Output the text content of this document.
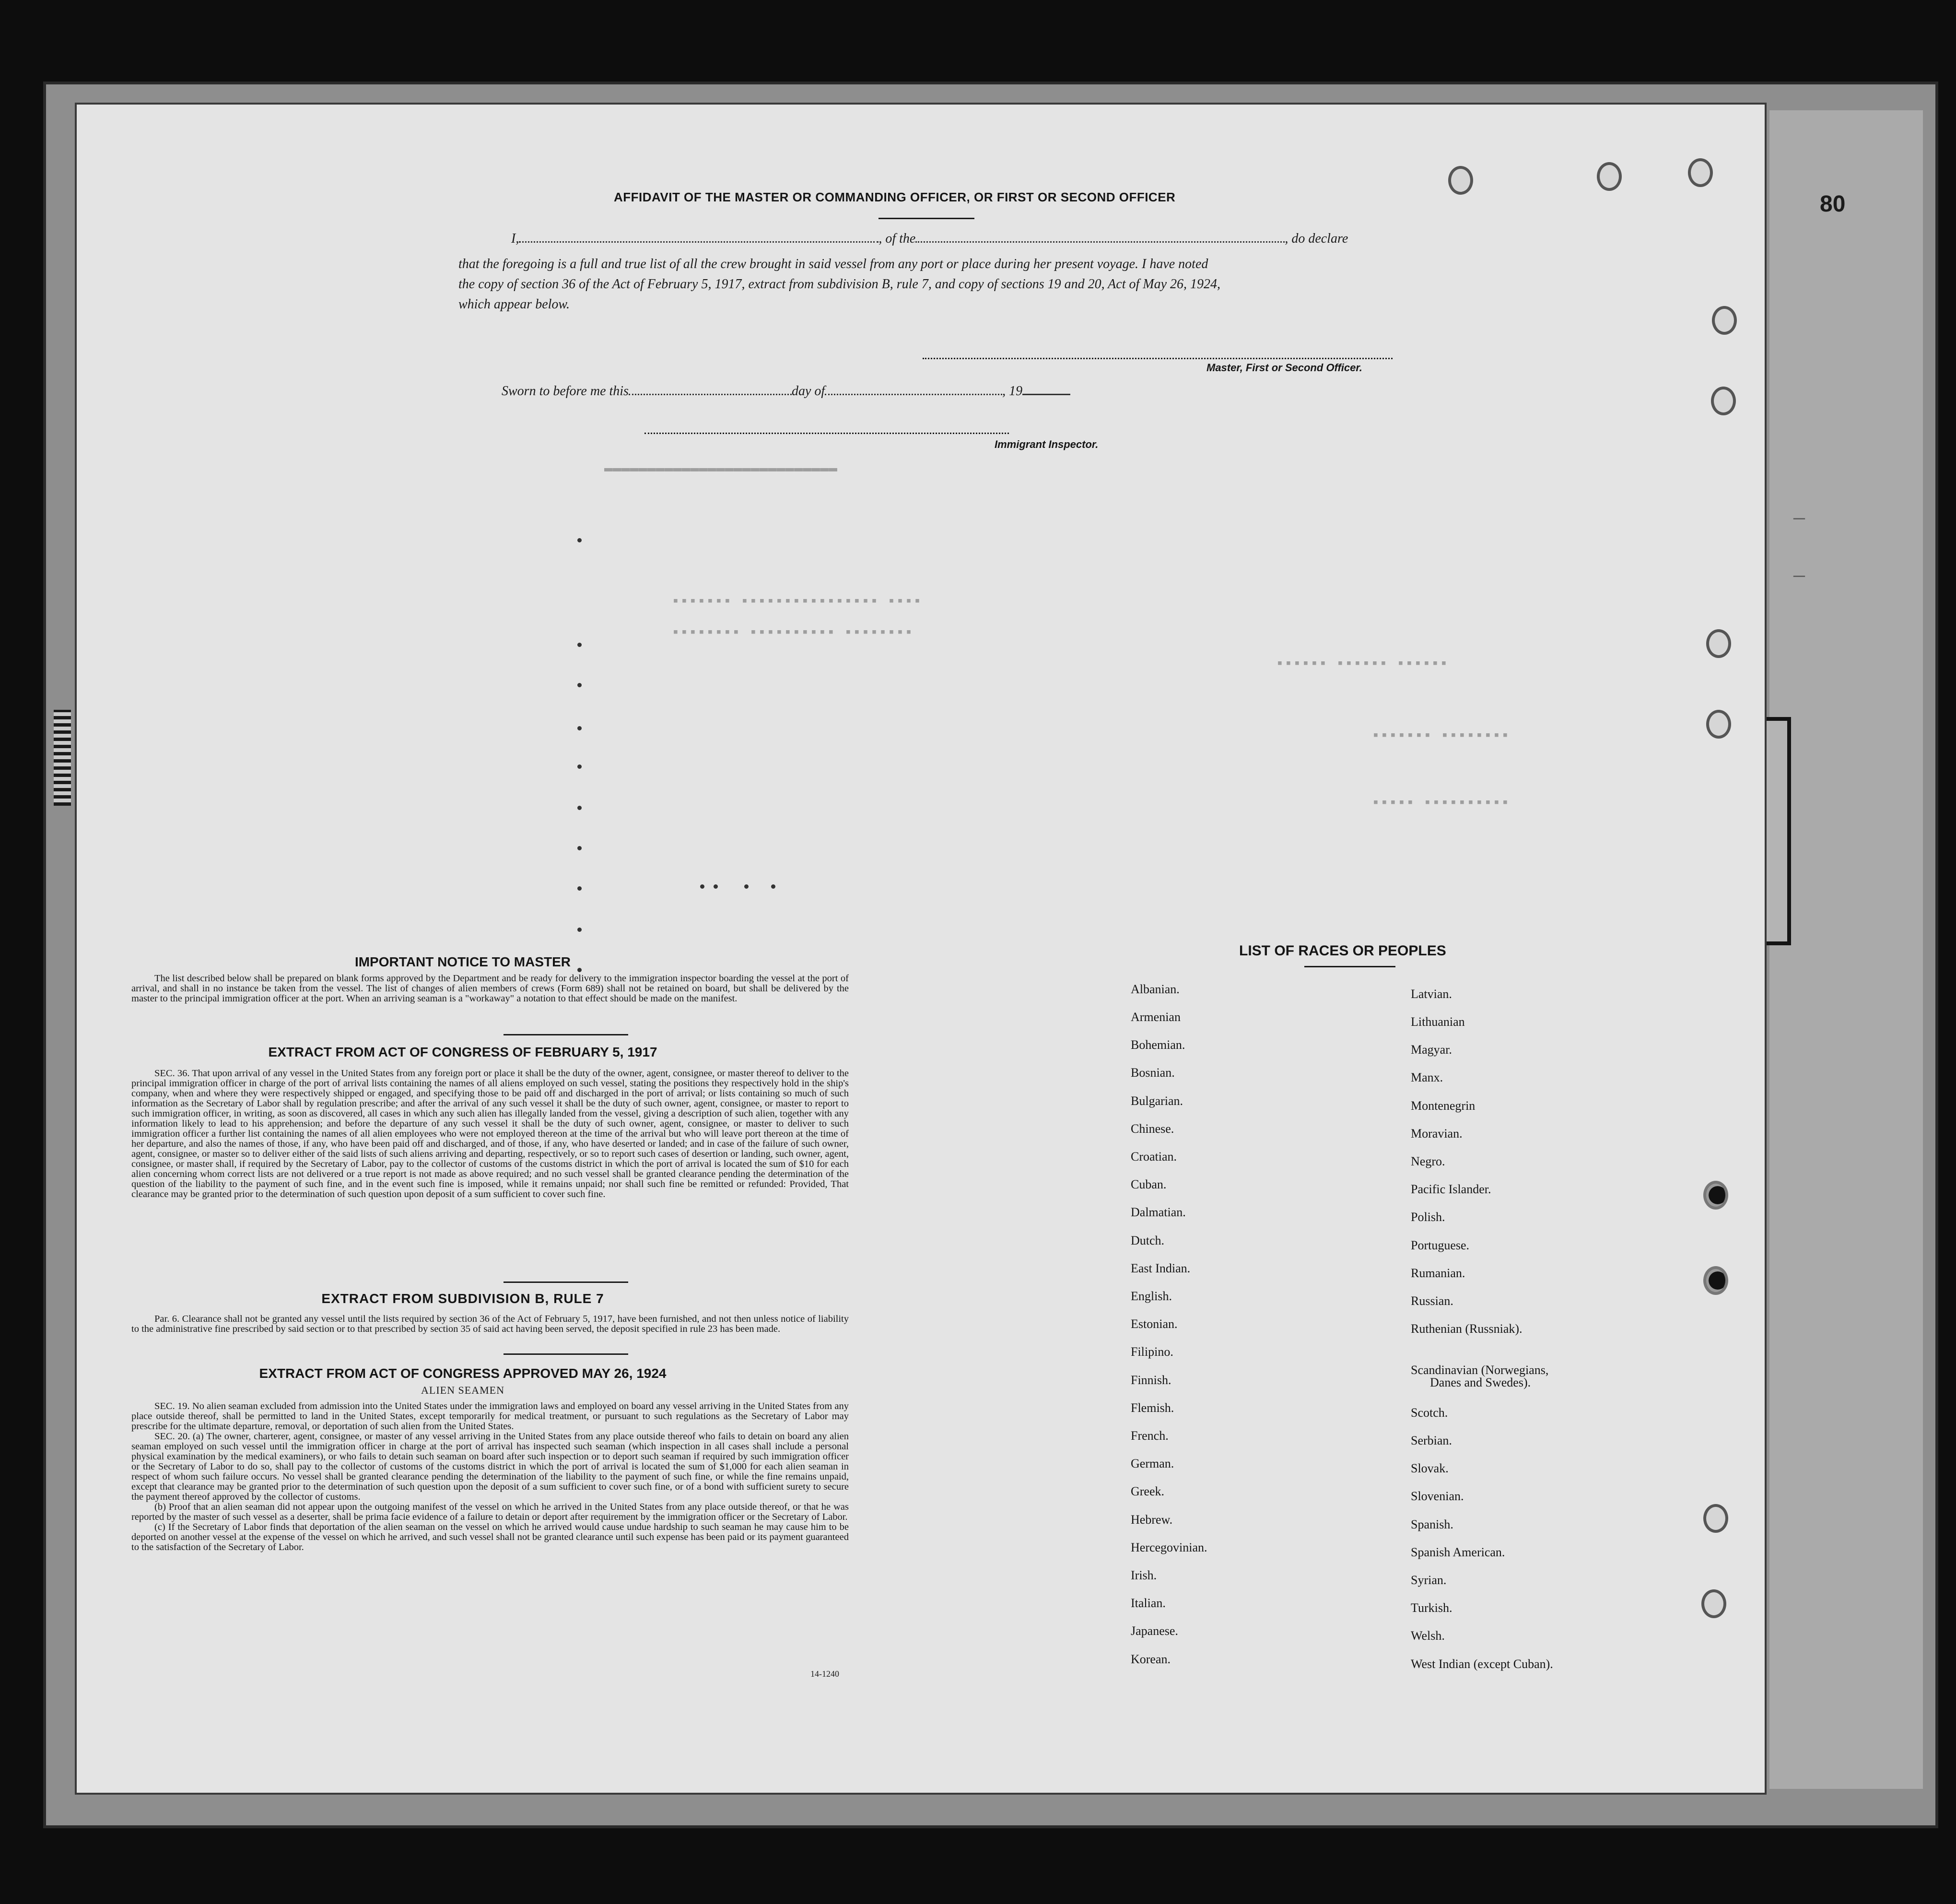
—
—
80
▬▬▬▬▬▬▬▬▬▬▬▬▬▬▬▬▬▬▬▬▬▬▬▬▬▬▬
▪▪▪▪▪▪▪ ▪▪▪▪▪▪▪▪▪▪▪▪▪▪▪▪ ▪▪▪▪
▪▪▪▪▪▪▪▪ ▪▪▪▪▪▪▪▪▪▪ ▪▪▪▪▪▪▪▪
▪▪▪▪▪▪ ▪▪▪▪▪▪ ▪▪▪▪▪▪
▪▪▪▪▪▪▪ ▪▪▪▪▪▪▪▪
▪▪▪▪▪ ▪▪▪▪▪▪▪▪▪▪
AFFIDAVIT OF THE MASTER OR COMMANDING OFFICER, OR FIRST OR SECOND OFFICER
I,	, of the	, do declare
that the foregoing is a full and true list of all the crew brought in said vessel from any port or place during her present voyage. I have noted
the copy of section 36 of the Act of February 5, 1917, extract from subdivision B, rule 7, and copy of sections 19 and 20, Act of May 26, 1924,
which appear below.
Master, First or Second Officer.
Sworn to before me this	day of	, 19
Immigrant Inspector.
IMPORTANT NOTICE TO MASTER

The list described below shall be prepared on blank forms approved by the Department and be ready for delivery to the immigration inspector boarding the vessel at the port of arrival, and shall in no instance be taken from the vessel. The list of changes of alien members of crews (Form 689) shall not be retained on board, but shall be delivered by the master to the principal immigration officer at the port. When an arriving seaman is a "workaway" a notation to that effect should be made on the manifest.

EXTRACT FROM ACT OF CONGRESS OF FEBRUARY 5, 1917

SEC. 36. That upon arrival of any vessel in the United States from any foreign port or place it shall be the duty of the owner, agent, consignee, or master thereof to deliver to the principal immigration officer in charge of the port of arrival lists containing the names of all aliens employed on such vessel, stating the positions they respectively hold in the ship's company, when and where they were respectively shipped or engaged, and specifying those to be paid off and discharged in the port of arrival; or lists containing so much of such information as the Secretary of Labor shall by regulation prescribe; and after the arrival of any such vessel it shall be the duty of such owner, agent, consignee, or master to report to such immigration officer, in writing, as soon as discovered, all cases in which any such alien has illegally landed from the vessel, giving a description of such alien, together with any information likely to lead to his apprehension; and before the departure of any such vessel it shall be the duty of such owner, agent, consignee, or master to deliver to such immigration officer a further list containing the names of all alien employees who were not employed thereon at the time of the arrival but who will leave port thereon at the time of her departure, and also the names of those, if any, who have been paid off and discharged, and of those, if any, who have deserted or landed; and in case of the failure of such owner, agent, consignee, or master so to deliver either of the said lists of such aliens arriving and departing, respectively, or so to report such cases of desertion or landing, such owner, agent, consignee, or master shall, if required by the Secretary of Labor, pay to the collector of customs of the customs district in which the port of arrival is located the sum of $10 for each alien concerning whom correct lists are not delivered or a true report is not made as above required; and no such vessel shall be granted clearance pending the determination of the question of the liability to the payment of such fine, and in the event such fine is imposed, while it remains unpaid; nor shall such fine be remitted or refunded: Provided, That clearance may be granted prior to the determination of such question upon deposit of a sum sufficient to cover such fine.

EXTRACT FROM SUBDIVISION B, RULE 7

Par. 6. Clearance shall not be granted any vessel until the lists required by section 36 of the Act of February 5, 1917, have been furnished, and not then unless notice of liability to the administrative fine prescribed by said section or to that prescribed by section 35 of said act having been served, the deposit specified in rule 23 has been made.

EXTRACT FROM ACT OF CONGRESS APPROVED MAY 26, 1924
ALIEN SEAMEN

SEC. 19. No alien seaman excluded from admission into the United States under the immigration laws and employed on board any vessel arriving in the United States from any place outside thereof, shall be permitted to land in the United States, except temporarily for medical treatment, or pursuant to such regulations as the Secretary of Labor may prescribe for the ultimate departure, removal, or deportation of such alien from the United States.

SEC. 20. (a) The owner, charterer, agent, consignee, or master of any vessel arriving in the United States from any place outside thereof who fails to detain on board any alien seaman employed on such vessel until the immigration officer in charge at the port of arrival has inspected such seaman (which inspection in all cases shall include a personal physical examination by the medical examiners), or who fails to detain such seaman on board after such inspection or to deport such seaman if required by such immigration officer or the Secretary of Labor to do so, shall pay to the collector of customs of the customs district in which the port of arrival is located the sum of $1,000 for each alien seaman in respect of whom such failure occurs. No vessel shall be granted clearance pending the determination of the liability to the payment of such fine, or while the fine remains unpaid, except that clearance may be granted prior to the determination of such question upon the deposit of a sum sufficient to cover such fine, or of a bond with sufficient surety to secure the payment thereof approved by the collector of customs.

(b) Proof that an alien seaman did not appear upon the outgoing manifest of the vessel on which he arrived in the United States from any place outside thereof, or that he was reported by the master of such vessel as a deserter, shall be prima facie evidence of a failure to detain or deport after requirement by the immigration officer or the Secretary of Labor.

(c) If the Secretary of Labor finds that deportation of the alien seaman on the vessel on which he arrived would cause undue hardship to such seaman he may cause him to be deported on another vessel at the expense of the vessel on which he arrived, and such vessel shall not be granted clearance until such expense has been paid or its payment guaranteed to the satisfaction of the Secretary of Labor.

14-1240
LIST OF RACES OR PEOPLES
Albanian.
Armenian
Bohemian.
Bosnian.
Bulgarian.
Chinese.
Croatian.
Cuban.
Dalmatian.
Dutch.
East Indian.
English.
Estonian.
Filipino.
Finnish.
Flemish.
French.
German.
Greek.
Hebrew.
Hercegovinian.
Irish.
Italian.
Japanese.
Korean.
Latvian.
Lithuanian
Magyar.
Manx.
Montenegrin
Moravian.
Negro.
Pacific Islander.
Polish.
Portuguese.
Rumanian.
Russian.
Ruthenian (Russniak).
Scandinavian (Norwegians,
Danes and Swedes).
Scotch.
Serbian.
Slovak.
Slovenian.
Spanish.
Spanish American.
Syrian.
Turkish.
Welsh.
West Indian (except Cuban).
